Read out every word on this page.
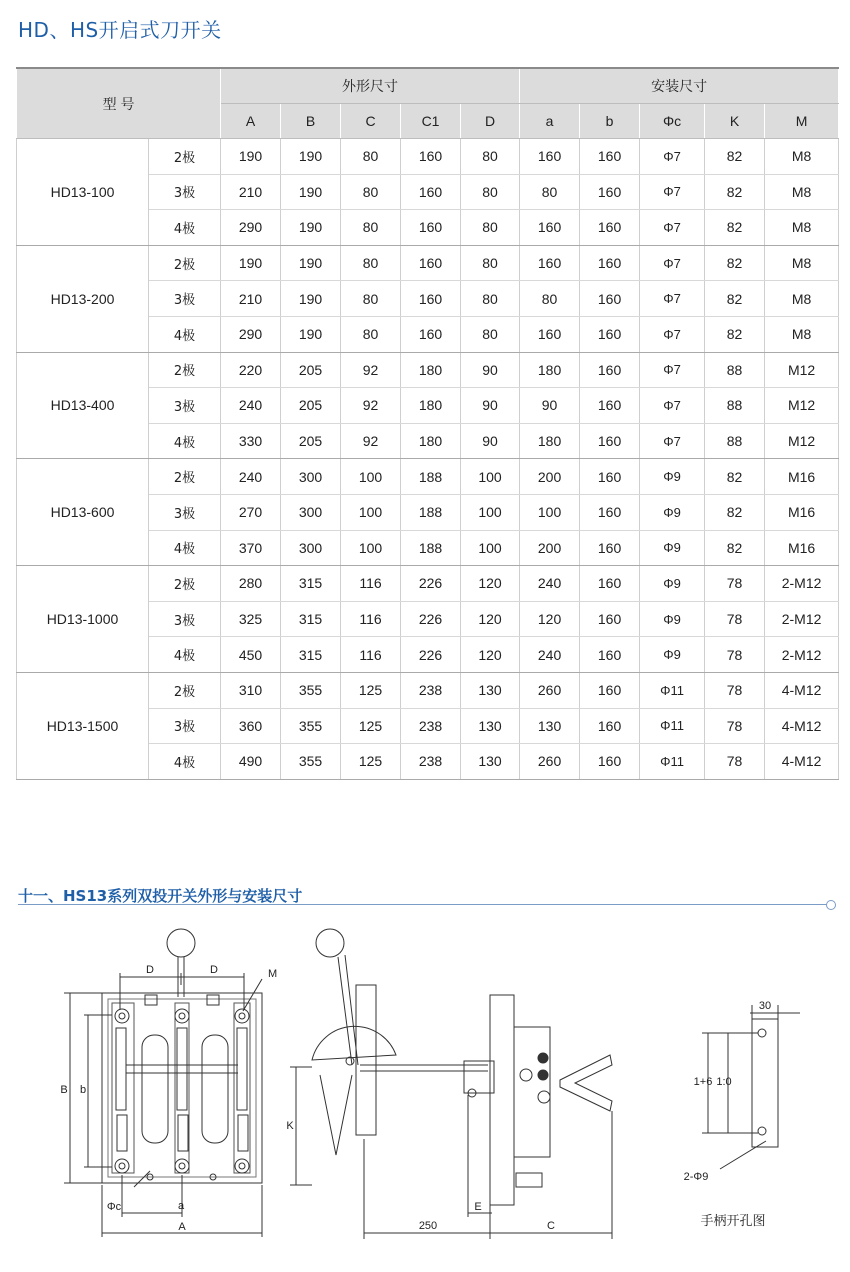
HD、HS开启式刀开关
型 号		外形尺寸					安装尺寸				
		A	B	C	C1	D	a	b	Φc	K	M
HD13-100	2极	190	190	80	160	80	160	160	Φ7	82	M8
	3极	210	190	80	160	80	80	160	Φ7	82	M8
	4极	290	190	80	160	80	160	160	Φ7	82	M8
HD13-200	2极	190	190	80	160	80	160	160	Φ7	82	M8
	3极	210	190	80	160	80	80	160	Φ7	82	M8
	4极	290	190	80	160	80	160	160	Φ7	82	M8
HD13-400	2极	220	205	92	180	90	180	160	Φ7	88	M12
	3极	240	205	92	180	90	90	160	Φ7	88	M12
	4极	330	205	92	180	90	180	160	Φ7	88	M12
HD13-600	2极	240	300	100	188	100	200	160	Φ9	82	M16
	3极	270	300	100	188	100	100	160	Φ9	82	M16
	4极	370	300	100	188	100	200	160	Φ9	82	M16
HD13-1000	2极	280	315	116	226	120	240	160	Φ9	78	2-M12
	3极	325	315	116	226	120	120	160	Φ9	78	2-M12
	4极	450	315	116	226	120	240	160	Φ9	78	2-M12
HD13-1500	2极	310	355	125	238	130	260	160	Φ11	78	4-M12
	3极	360	355	125	238	130	130	160	Φ11	78	4-M12
	4极	490	355	125	238	130	260	160	Φ11	78	4-M12
十一、HS13系列双投开关外形与安装尺寸
D	D	M
B b
Φc	a
A
K
250
E
C
30
1+6 1:0
2-Φ9
手柄开孔图
